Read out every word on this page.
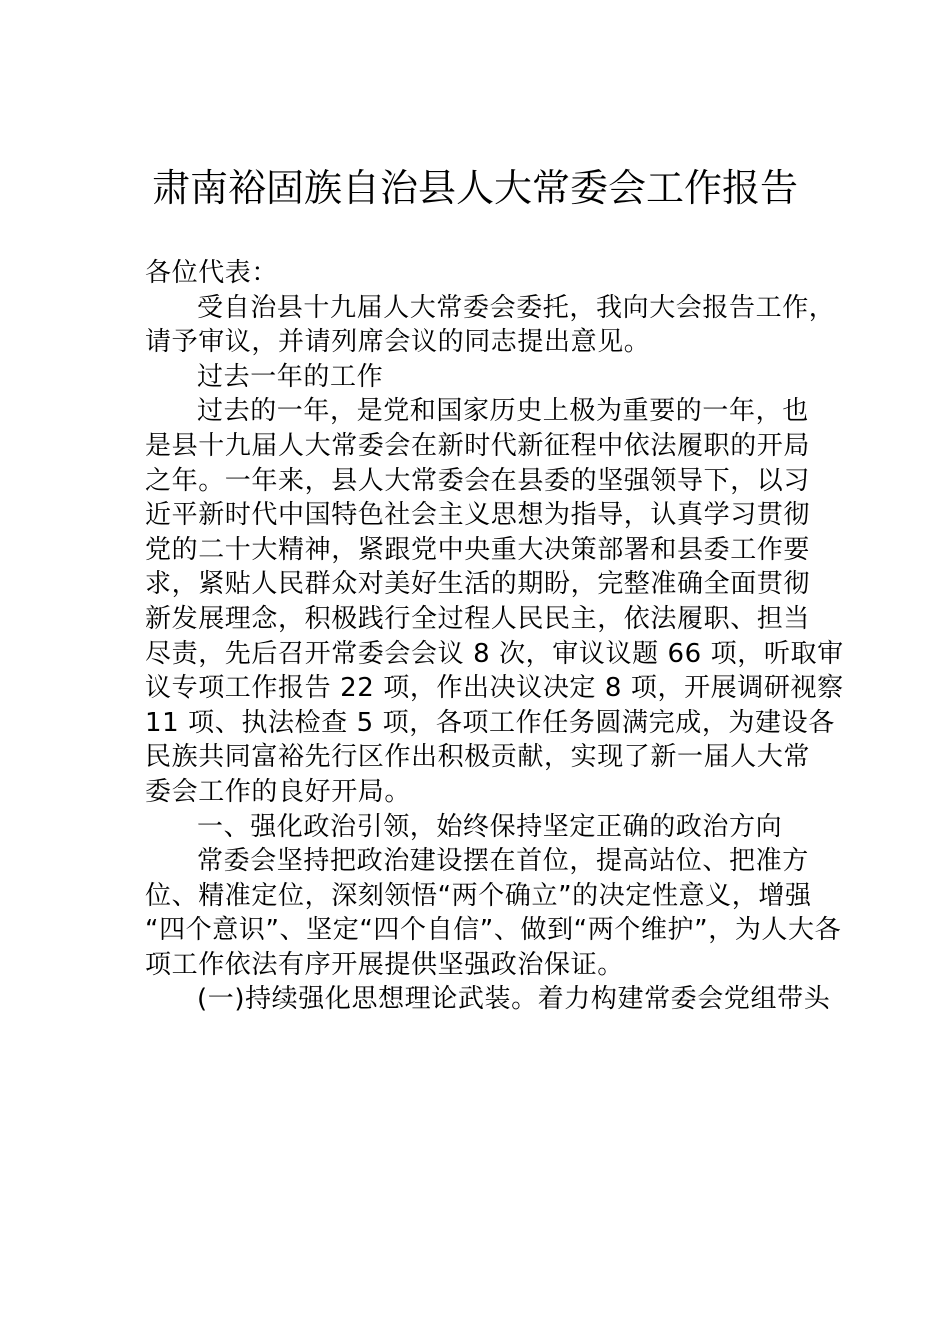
肃南裕固族自治县人大常委会工作报告

各位代表：

受自治县十九届人大常委会委托，我向大会报告工作，
请予审议，并请列席会议的同志提出意见。

过去一年的工作

过去的一年，是党和国家历史上极为重要的一年，也
是县十九届人大常委会在新时代新征程中依法履职的开局
之年。一年来，县人大常委会在县委的坚强领导下，以习
近平新时代中国特色社会主义思想为指导，认真学习贯彻
党的二十大精神，紧跟党中央重大决策部署和县委工作要
求，紧贴人民群众对美好生活的期盼，完整准确全面贯彻
新发展理念，积极践行全过程人民民主，依法履职、担当
尽责，先后召开常委会会议 8 次，审议议题 66 项，听取审
议专项工作报告 22 项，作出决议决定 8 项，开展调研视察
11 项、执法检查 5 项，各项工作任务圆满完成，为建设各
民族共同富裕先行区作出积极贡献，实现了新一届人大常
委会工作的良好开局。

一、强化政治引领，始终保持坚定正确的政治方向

常委会坚持把政治建设摆在首位，提高站位、把准方
位、精准定位，深刻领悟“两个确立”的决定性意义，增强
“四个意识”、坚定“四个自信”、做到“两个维护”，为人大各
项工作依法有序开展提供坚强政治保证。

(一)持续强化思想理论武装。着力构建常委会党组带头
